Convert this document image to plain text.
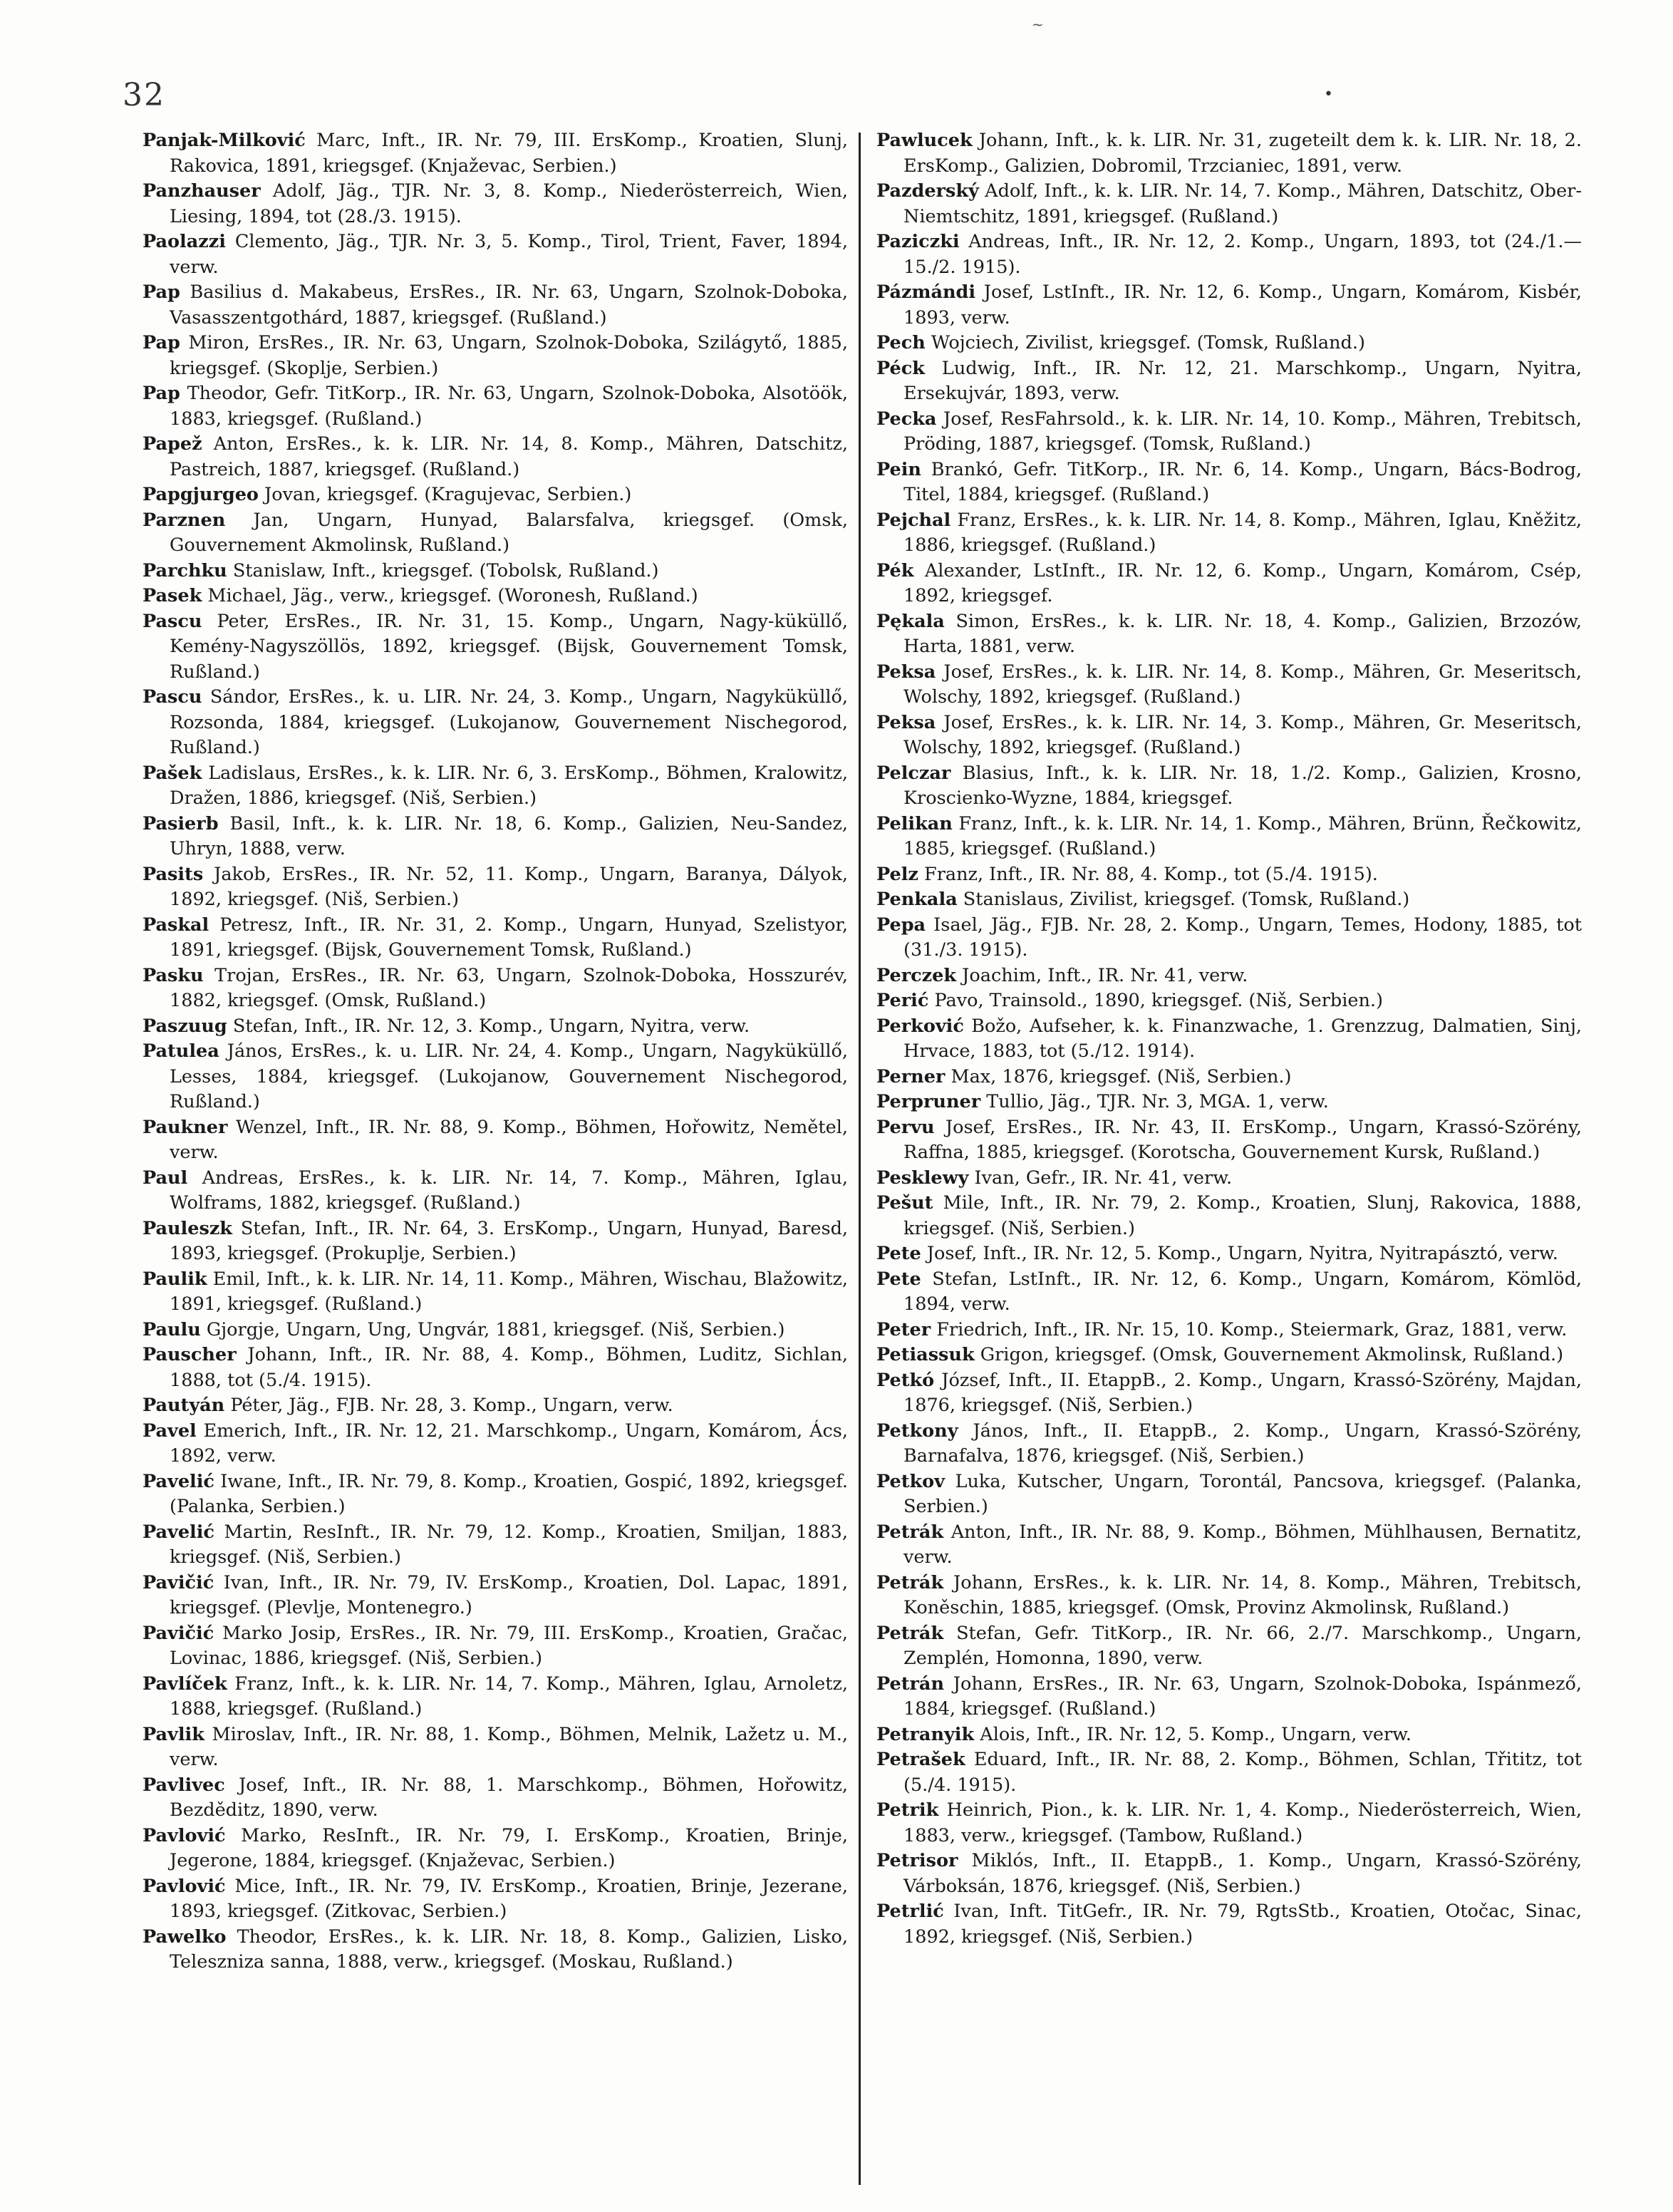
~
32	•

Panjak-Milković Marc, Inft., IR. Nr. 79, III. ErsKomp., Kroatien, Slunj, Rakovica, 1891, kriegsgef. (Knjaževac, Serbien.)

Panzhauser Adolf, Jäg., TJR. Nr. 3, 8. Komp., Niederösterreich, Wien, Liesing, 1894, tot (28./3. 1915).

Paolazzi Clemento, Jäg., TJR. Nr. 3, 5. Komp., Tirol, Trient, Faver, 1894, verw.

Pap Basilius d. Makabeus, ErsRes., IR. Nr. 63, Ungarn, Szolnok-Doboka, Vasasszentgothárd, 1887, kriegsgef. (Rußland.)

Pap Miron, ErsRes., IR. Nr. 63, Ungarn, Szolnok-Doboka, Szilágytő, 1885, kriegsgef. (Skoplje, Serbien.)

Pap Theodor, Gefr. TitKorp., IR. Nr. 63, Ungarn, Szolnok-Doboka, Alsotöök, 1883, kriegsgef. (Rußland.)

Papež Anton, ErsRes., k. k. LIR. Nr. 14, 8. Komp., Mähren, Datschitz, Pastreich, 1887, kriegsgef. (Rußland.)

Papgjurgeo Jovan, kriegsgef. (Kragujevac, Serbien.)

Parznen Jan, Ungarn, Hunyad, Balarsfalva, kriegsgef. (Omsk, Gouvernement Akmolinsk, Rußland.)

Parchku Stanislaw, Inft., kriegsgef. (Tobolsk, Rußland.)

Pasek Michael, Jäg., verw., kriegsgef. (Woronesh, Rußland.)

Pascu Peter, ErsRes., IR. Nr. 31, 15. Komp., Ungarn, Nagy-küküllő, Kemény-Nagyszöllös, 1892, kriegsgef. (Bijsk, Gouvernement Tomsk, Rußland.)

Pascu Sándor, ErsRes., k. u. LIR. Nr. 24, 3. Komp., Ungarn, Nagyküküllő, Rozsonda, 1884, kriegsgef. (Lukojanow, Gouvernement Nischegorod, Rußland.)

Pašek Ladislaus, ErsRes., k. k. LIR. Nr. 6, 3. ErsKomp., Böhmen, Kralowitz, Dražen, 1886, kriegsgef. (Niš, Serbien.)

Pasierb Basil, Inft., k. k. LIR. Nr. 18, 6. Komp., Galizien, Neu-Sandez, Uhryn, 1888, verw.

Pasits Jakob, ErsRes., IR. Nr. 52, 11. Komp., Ungarn, Baranya, Dályok, 1892, kriegsgef. (Niš, Serbien.)

Paskal Petresz, Inft., IR. Nr. 31, 2. Komp., Ungarn, Hunyad, Szelistyor, 1891, kriegsgef. (Bijsk, Gouvernement Tomsk, Rußland.)

Pasku Trojan, ErsRes., IR. Nr. 63, Ungarn, Szolnok-Doboka, Hosszurév, 1882, kriegsgef. (Omsk, Rußland.)

Paszuug Stefan, Inft., IR. Nr. 12, 3. Komp., Ungarn, Nyitra, verw.

Patulea János, ErsRes., k. u. LIR. Nr. 24, 4. Komp., Ungarn, Nagyküküllő, Lesses, 1884, kriegsgef. (Lukojanow, Gouvernement Nischegorod, Rußland.)

Paukner Wenzel, Inft., IR. Nr. 88, 9. Komp., Böhmen, Hořowitz, Nemětel, verw.

Paul Andreas, ErsRes., k. k. LIR. Nr. 14, 7. Komp., Mähren, Iglau, Wolframs, 1882, kriegsgef. (Rußland.)

Pauleszk Stefan, Inft., IR. Nr. 64, 3. ErsKomp., Ungarn, Hunyad, Baresd, 1893, kriegsgef. (Prokuplje, Serbien.)

Paulik Emil, Inft., k. k. LIR. Nr. 14, 11. Komp., Mähren, Wischau, Blažowitz, 1891, kriegsgef. (Rußland.)

Paulu Gjorgje, Ungarn, Ung, Ungvár, 1881, kriegsgef. (Niš, Serbien.)

Pauscher Johann, Inft., IR. Nr. 88, 4. Komp., Böhmen, Luditz, Sichlan, 1888, tot (5./4. 1915).

Pautyán Péter, Jäg., FJB. Nr. 28, 3. Komp., Ungarn, verw.

Pavel Emerich, Inft., IR. Nr. 12, 21. Marschkomp., Ungarn, Komárom, Ács, 1892, verw.

Pavelić Iwane, Inft., IR. Nr. 79, 8. Komp., Kroatien, Gospić, 1892, kriegsgef. (Palanka, Serbien.)

Pavelić Martin, ResInft., IR. Nr. 79, 12. Komp., Kroatien, Smiljan, 1883, kriegsgef. (Niš, Serbien.)

Pavičić Ivan, Inft., IR. Nr. 79, IV. ErsKomp., Kroatien, Dol. Lapac, 1891, kriegsgef. (Plevlje, Montenegro.)

Pavičić Marko Josip, ErsRes., IR. Nr. 79, III. ErsKomp., Kroatien, Gračac, Lovinac, 1886, kriegsgef. (Niš, Serbien.)

Pavlíček Franz, Inft., k. k. LIR. Nr. 14, 7. Komp., Mähren, Iglau, Arnoletz, 1888, kriegsgef. (Rußland.)

Pavlik Miroslav, Inft., IR. Nr. 88, 1. Komp., Böhmen, Melnik, Lažetz u. M., verw.

Pavlivec Josef, Inft., IR. Nr. 88, 1. Marschkomp., Böhmen, Hořowitz, Bezděditz, 1890, verw.

Pavlović Marko, ResInft., IR. Nr. 79, I. ErsKomp., Kroatien, Brinje, Jegerone, 1884, kriegsgef. (Knjaževac, Serbien.)

Pavlović Mice, Inft., IR. Nr. 79, IV. ErsKomp., Kroatien, Brinje, Jezerane, 1893, kriegsgef. (Zitkovac, Serbien.)

Pawelko Theodor, ErsRes., k. k. LIR. Nr. 18, 8. Komp., Galizien, Lisko, Teleszniza sanna, 1888, verw., kriegsgef. (Moskau, Rußland.)

Pawlucek Johann, Inft., k. k. LIR. Nr. 31, zugeteilt dem k. k. LIR. Nr. 18, 2. ErsKomp., Galizien, Dobromil, Trzcianiec, 1891, verw.

Pazderský Adolf, Inft., k. k. LIR. Nr. 14, 7. Komp., Mähren, Datschitz, Ober-Niemtschitz, 1891, kriegsgef. (Rußland.)

Paziczki Andreas, Inft., IR. Nr. 12, 2. Komp., Ungarn, 1893, tot (24./1.—15./2. 1915).

Pázmándi Josef, LstInft., IR. Nr. 12, 6. Komp., Ungarn, Komárom, Kisbér, 1893, verw.

Pech Wojciech, Zivilist, kriegsgef. (Tomsk, Rußland.)

Péck Ludwig, Inft., IR. Nr. 12, 21. Marschkomp., Ungarn, Nyitra, Ersekujvár, 1893, verw.

Pecka Josef, ResFahrsold., k. k. LIR. Nr. 14, 10. Komp., Mähren, Trebitsch, Pröding, 1887, kriegsgef. (Tomsk, Rußland.)

Pein Brankó, Gefr. TitKorp., IR. Nr. 6, 14. Komp., Ungarn, Bács-Bodrog, Titel, 1884, kriegsgef. (Rußland.)

Pejchal Franz, ErsRes., k. k. LIR. Nr. 14, 8. Komp., Mähren, Iglau, Kněžitz, 1886, kriegsgef. (Rußland.)

Pék Alexander, LstInft., IR. Nr. 12, 6. Komp., Ungarn, Komárom, Csép, 1892, kriegsgef.

Pękala Simon, ErsRes., k. k. LIR. Nr. 18, 4. Komp., Galizien, Brzozów, Harta, 1881, verw.

Peksa Josef, ErsRes., k. k. LIR. Nr. 14, 8. Komp., Mähren, Gr. Meseritsch, Wolschy, 1892, kriegsgef. (Rußland.)

Peksa Josef, ErsRes., k. k. LIR. Nr. 14, 3. Komp., Mähren, Gr. Meseritsch, Wolschy, 1892, kriegsgef. (Rußland.)

Pelczar Blasius, Inft., k. k. LIR. Nr. 18, 1./2. Komp., Galizien, Krosno, Kroscienko-Wyzne, 1884, kriegsgef.

Pelikan Franz, Inft., k. k. LIR. Nr. 14, 1. Komp., Mähren, Brünn, Řečkowitz, 1885, kriegsgef. (Rußland.)

Pelz Franz, Inft., IR. Nr. 88, 4. Komp., tot (5./4. 1915).

Penkala Stanislaus, Zivilist, kriegsgef. (Tomsk, Rußland.)

Pepa Isael, Jäg., FJB. Nr. 28, 2. Komp., Ungarn, Temes, Hodony, 1885, tot (31./3. 1915).

Perczek Joachim, Inft., IR. Nr. 41, verw.

Perić Pavo, Trainsold., 1890, kriegsgef. (Niš, Serbien.)

Perković Božo, Aufseher, k. k. Finanzwache, 1. Grenzzug, Dalmatien, Sinj, Hrvace, 1883, tot (5./12. 1914).

Perner Max, 1876, kriegsgef. (Niš, Serbien.)

Perpruner Tullio, Jäg., TJR. Nr. 3, MGA. 1, verw.

Pervu Josef, ErsRes., IR. Nr. 43, II. ErsKomp., Ungarn, Krassó-Szörény, Raffna, 1885, kriegsgef. (Korotscha, Gouvernement Kursk, Rußland.)

Pesklewy Ivan, Gefr., IR. Nr. 41, verw.

Pešut Mile, Inft., IR. Nr. 79, 2. Komp., Kroatien, Slunj, Rakovica, 1888, kriegsgef. (Niš, Serbien.)

Pete Josef, Inft., IR. Nr. 12, 5. Komp., Ungarn, Nyitra, Nyitrapásztó, verw.

Pete Stefan, LstInft., IR. Nr. 12, 6. Komp., Ungarn, Komárom, Kömlöd, 1894, verw.

Peter Friedrich, Inft., IR. Nr. 15, 10. Komp., Steiermark, Graz, 1881, verw.

Petiassuk Grigon, kriegsgef. (Omsk, Gouvernement Akmolinsk, Rußland.)

Petkó József, Inft., II. EtappB., 2. Komp., Ungarn, Krassó-Szörény, Majdan, 1876, kriegsgef. (Niš, Serbien.)

Petkony János, Inft., II. EtappB., 2. Komp., Ungarn, Krassó-Szörény, Barnafalva, 1876, kriegsgef. (Niš, Serbien.)

Petkov Luka, Kutscher, Ungarn, Torontál, Pancsova, kriegsgef. (Palanka, Serbien.)

Petrák Anton, Inft., IR. Nr. 88, 9. Komp., Böhmen, Mühlhausen, Bernatitz, verw.

Petrák Johann, ErsRes., k. k. LIR. Nr. 14, 8. Komp., Mähren, Trebitsch, Koněschin, 1885, kriegsgef. (Omsk, Provinz Akmolinsk, Rußland.)

Petrák Stefan, Gefr. TitKorp., IR. Nr. 66, 2./7. Marschkomp., Ungarn, Zemplén, Homonna, 1890, verw.

Petrán Johann, ErsRes., IR. Nr. 63, Ungarn, Szolnok-Doboka, Ispánmező, 1884, kriegsgef. (Rußland.)

Petranyik Alois, Inft., IR. Nr. 12, 5. Komp., Ungarn, verw.

Petrašek Eduard, Inft., IR. Nr. 88, 2. Komp., Böhmen, Schlan, Třititz, tot (5./4. 1915).

Petrik Heinrich, Pion., k. k. LIR. Nr. 1, 4. Komp., Niederösterreich, Wien, 1883, verw., kriegsgef. (Tambow, Rußland.)

Petrisor Miklós, Inft., II. EtappB., 1. Komp., Ungarn, Krassó-Szörény, Várboksán, 1876, kriegsgef. (Niš, Serbien.)

Petrlić Ivan, Inft. TitGefr., IR. Nr. 79, RgtsStb., Kroatien, Otočac, Sinac, 1892, kriegsgef. (Niš, Serbien.)
